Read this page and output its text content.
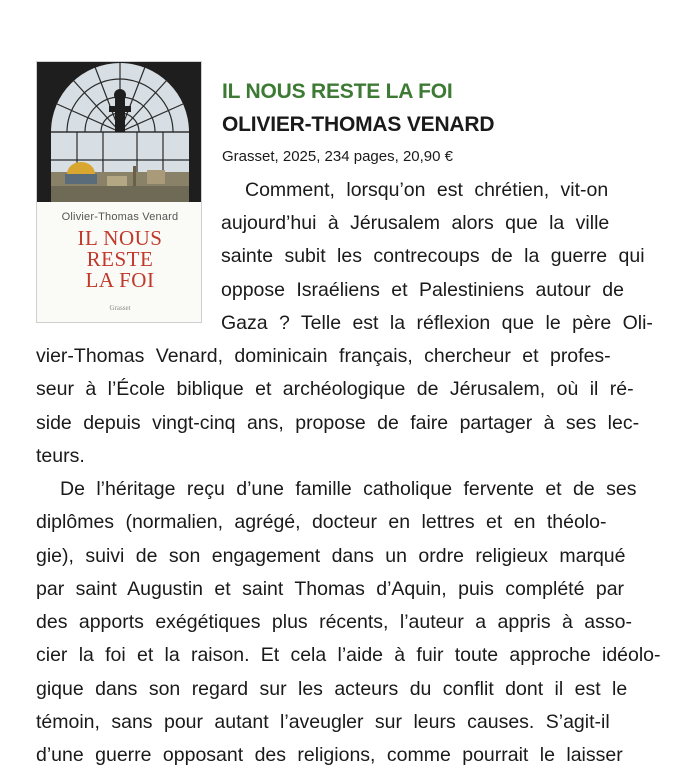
Olivier-Thomas Venard
IL NOUS
RESTE
LA FOI
Grasset
IL NOUS RESTE LA FOI
OLIVIER-THOMAS VENARD
Grasset, 2025, 234 pages, 20,90 €
Comment, lorsqu’on est chrétien, vit-on
aujourd’hui à Jérusalem alors que la ville
sainte subit les contrecoups de la guerre qui
oppose Israéliens et Palestiniens autour de
Gaza ? Telle est la réflexion que le père Oli-
vier-Thomas Venard, dominicain français, chercheur et profes-
seur à l’École biblique et archéologique de Jérusalem, où il ré-
side depuis vingt-cinq ans, propose de faire partager à ses lec-
teurs.
De l’héritage reçu d’une famille catholique fervente et de ses
diplômes (normalien, agrégé, docteur en lettres et en théolo-
gie), suivi de son engagement dans un ordre religieux marqué
par saint Augustin et saint Thomas d’Aquin, puis complété par
des apports exégétiques plus récents, l’auteur a appris à asso-
cier la foi et la raison. Et cela l’aide à fuir toute approche idéolo-
gique dans son regard sur les acteurs du conflit dont il est le
témoin, sans pour autant l’aveugler sur leurs causes. S’agit-il
d’une guerre opposant des religions, comme pourrait le laisser
